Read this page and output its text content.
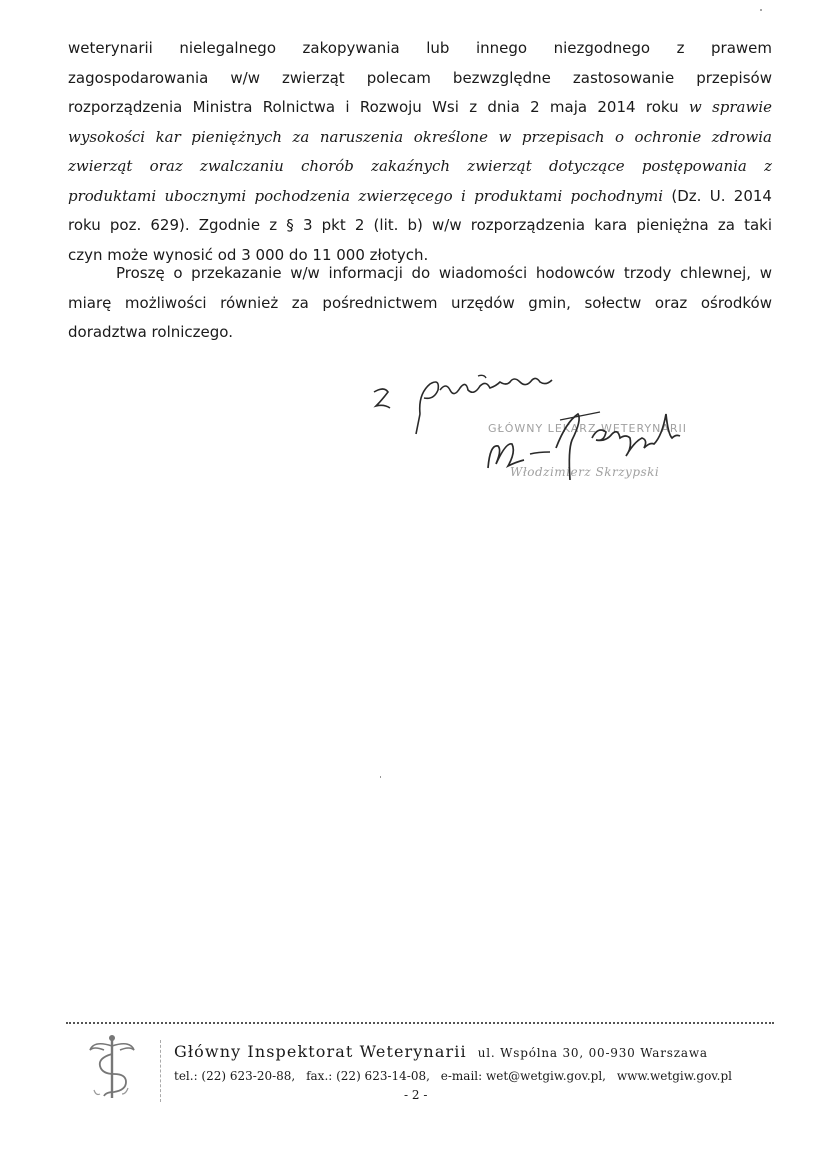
weterynarii nielegalnego zakopywania lub innego niezgodnego z prawem
zagospodarowania w/w zwierząt polecam bezwzględne zastosowanie przepisów
rozporządzenia Ministra Rolnictwa i Rozwoju Wsi z dnia 2 maja 2014 roku w sprawie
wysokości kar pieniężnych za naruszenia określone w przepisach o ochronie zdrowia
zwierząt oraz zwalczaniu chorób zakaźnych zwierząt dotyczące postępowania z
produktami ubocznymi pochodzenia zwierzęcego i produktami pochodnymi (Dz. U. 2014
roku poz. 629). Zgodnie z § 3 pkt 2 (lit. b) w/w rozporządzenia kara pieniężna za taki
czyn może wynosić od 3 000 do 11 000 złotych.
Proszę o przekazanie w/w informacji do wiadomości hodowców trzody chlewnej, w
miarę możliwości również za pośrednictwem urzędów gmin, sołectw oraz ośrodków
doradztwa rolniczego.
GŁÓWNY LEKARZ WETERYNARII
Włodzimierz Skrzypski
Główny Inspektorat Weterynarii ul. Wspólna 30, 00-930 Warszawa
tel.: (22) 623-20-88, fax.: (22) 623-14-08, e-mail: wet@wetgiw.gov.pl, www.wetgiw.gov.pl
- 2 -
